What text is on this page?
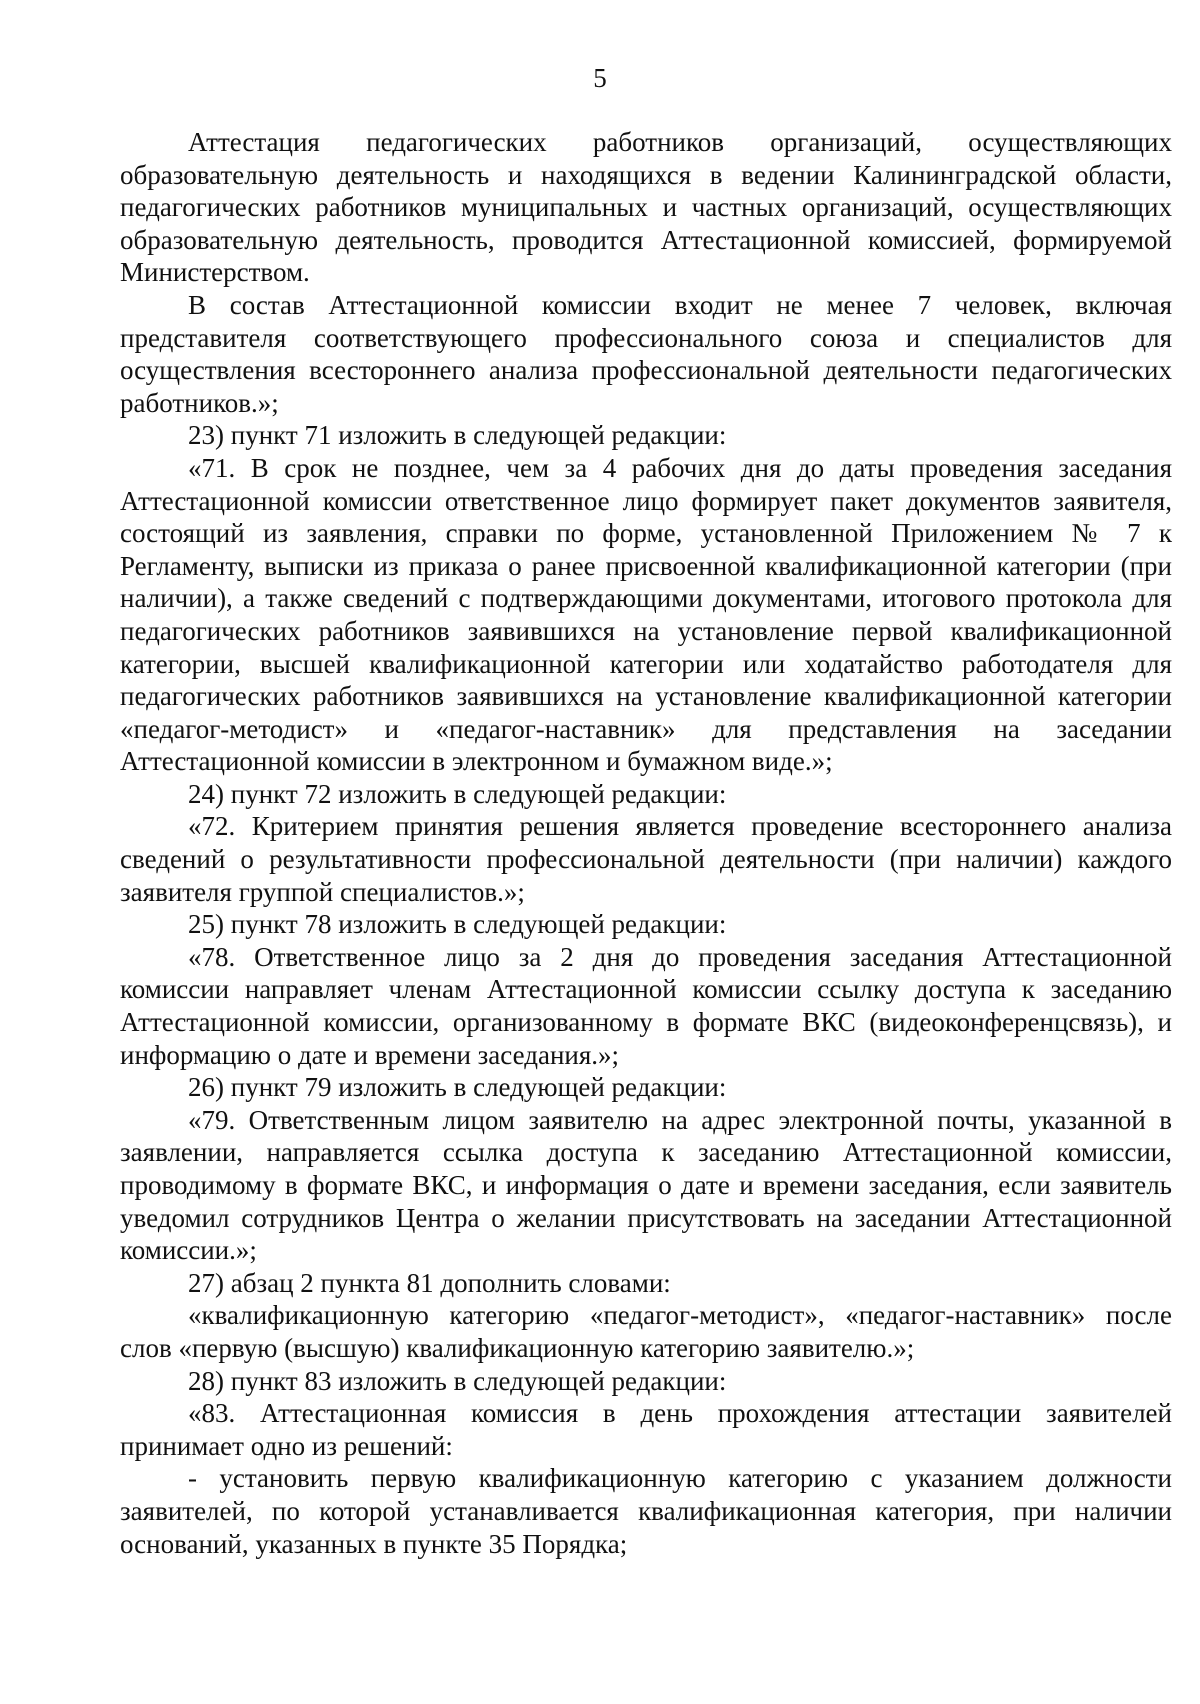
5

Аттестация педагогических работников организаций, осуществляющих образовательную деятельность и находящихся в ведении Калининградской области, педагогических работников муниципальных и частных организаций, осуществляющих образовательную деятельность, проводится Аттестационной комиссией, формируемой Министерством.

В состав Аттестационной комиссии входит не менее 7 человек, включая представителя соответствующего профессионального союза и специалистов для осуществления всестороннего анализа профессиональной деятельности педагогических работников.»;

23) пункт 71 изложить в следующей редакции:

«71. В срок не позднее, чем за 4 рабочих дня до даты проведения заседания Аттестационной комиссии ответственное лицо формирует пакет документов заявителя, состоящий из заявления, справки по форме, установленной Приложением № 7 к Регламенту, выписки из приказа о ранее присвоенной квалификационной категории (при наличии), а также сведений с подтверждающими документами, итогового протокола для педагогических работников заявившихся на установление первой квалификационной категории, высшей квалификационной категории или ходатайство работодателя для педагогических работников заявившихся на установление квалификационной категории «педагог-методист» и «педагог-наставник» для представления на заседании Аттестационной комиссии в электронном и бумажном виде.»;

24) пункт 72 изложить в следующей редакции:

«72. Критерием принятия решения является проведение всестороннего анализа сведений о результативности профессиональной деятельности (при наличии) каждого заявителя группой специалистов.»;

25) пункт 78 изложить в следующей редакции:

«78. Ответственное лицо за 2 дня до проведения заседания Аттестационной комиссии направляет членам Аттестационной комиссии ссылку доступа к заседанию Аттестационной комиссии, организованному в формате ВКС (видеоконференцсвязь), и информацию о дате и времени заседания.»;

26) пункт 79 изложить в следующей редакции:

«79. Ответственным лицом заявителю на адрес электронной почты, указанной в заявлении, направляется ссылка доступа к заседанию Аттестационной комиссии, проводимому в формате ВКС, и информация о дате и времени заседания, если заявитель уведомил сотрудников Центра о желании присутствовать на заседании Аттестационной комиссии.»;

27) абзац 2 пункта 81 дополнить словами:

«квалификационную категорию «педагог-методист», «педагог-наставник» после слов «первую (высшую) квалификационную категорию заявителю.»;

28) пункт 83 изложить в следующей редакции:

«83. Аттестационная комиссия в день прохождения аттестации заявителей принимает одно из решений:

- установить первую квалификационную категорию с указанием должности заявителей, по которой устанавливается квалификационная категория, при наличии оснований, указанных в пункте 35 Порядка;
